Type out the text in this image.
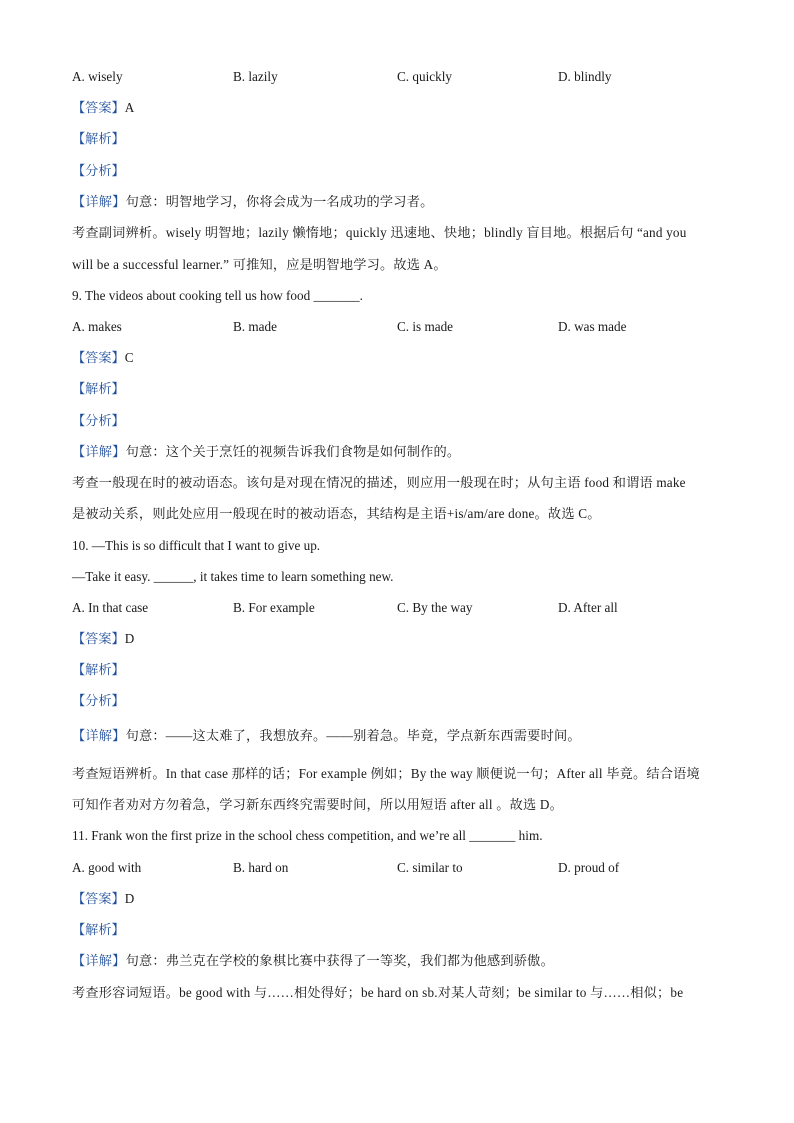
A. wisely	B. lazily	C. quickly	D. blindly
【答案】A
【解析】
【分析】
【详解】句意：明智地学习，你将会成为一名成功的学习者。
考查副词辨析。wisely 明智地；lazily 懒惰地；quickly 迅速地、快地；blindly 盲目地。根据后句 “and you
will be a successful learner.” 可推知，应是明智地学习。故选 A。
9. The videos about cooking tell us how food _______.
A. makes	B. made	C. is made	D. was made
【答案】C
【解析】
【分析】
【详解】句意：这个关于烹饪的视频告诉我们食物是如何制作的。
考查一般现在时的被动语态。该句是对现在情况的描述，则应用一般现在时；从句主语 food 和谓语 make
是被动关系，则此处应用一般现在时的被动语态，其结构是主语+is/am/are done。故选 C。
10. —This is so difficult that I want to give up.
—Take it easy. ______, it takes time to learn something new.
A. In that case	B. For example	C. By the way	D. After all
【答案】D
【解析】
【分析】
【详解】句意：——这太难了，我想放弃。——别着急。毕竟，学点新东西需要时间。
考查短语辨析。In that case 那样的话；For example 例如；By the way 顺便说一句；After all 毕竟。结合语境
可知作者劝对方勿着急，学习新东西终究需要时间，所以用短语 after all 。故选 D。
11. Frank won the first prize in the school chess competition, and we’re all _______ him.
A. good with	B. hard on	C. similar to	D. proud of
【答案】D
【解析】
【详解】句意：弗兰克在学校的象棋比赛中获得了一等奖，我们都为他感到骄傲。
考查形容词短语。be good with 与……相处得好；be hard on sb.对某人苛刻；be similar to 与……相似；be
